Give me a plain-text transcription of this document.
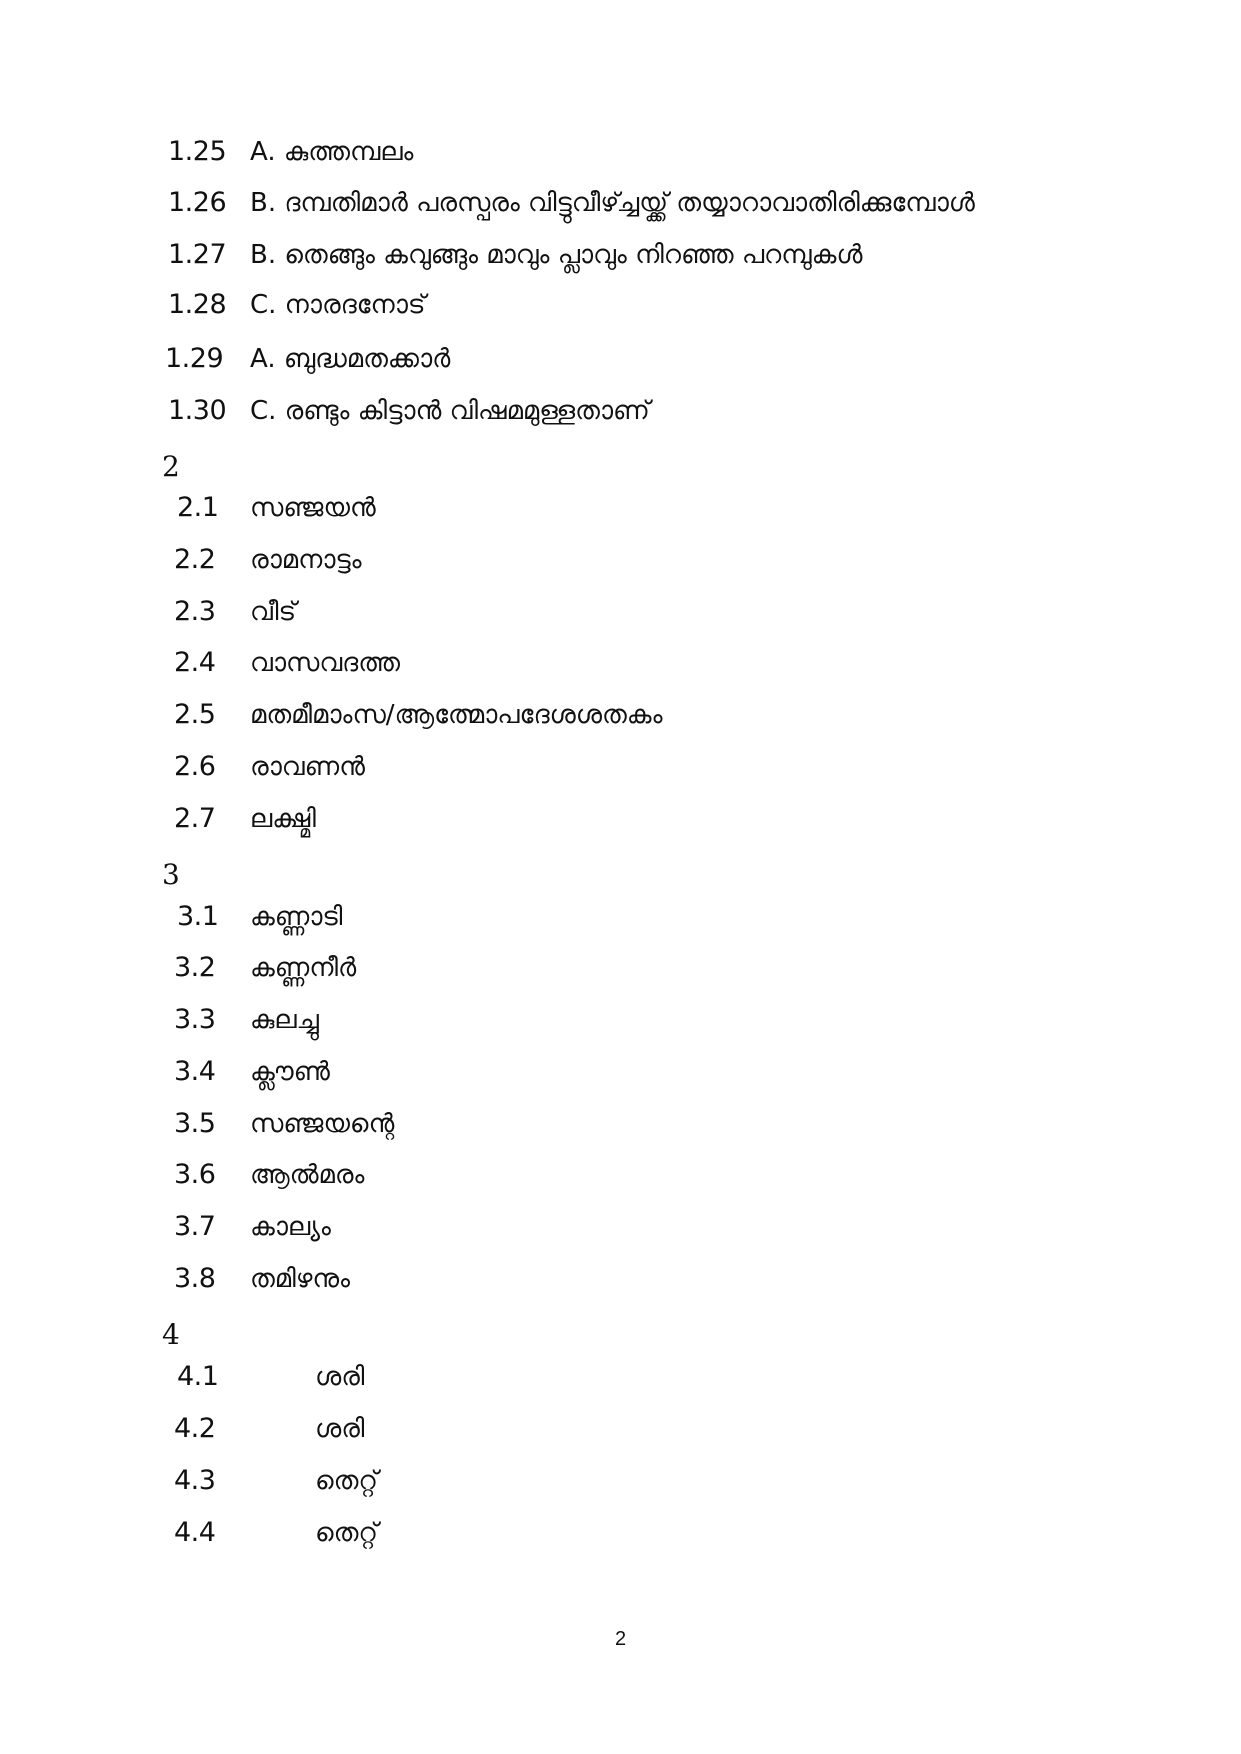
1.25 A. കുത്തമ്പലം
1.26 B. ദമ്പതിമാർ പരസ്പരം വിട്ടുവീഴ്ച്ചയ്ക്ക് തയ്യാറാവാതിരിക്കുമ്പോൾ
1.27 B. തെങ്ങും കവുങ്ങും മാവും പ്ലാവും നിറഞ്ഞ പറമ്പുകൾ
1.28 C. നാരദനോട്
1.29 A. ബുദ്ധമതക്കാർ
1.30 C. രണ്ടും കിട്ടാൻ വിഷമമുള്ളതാണ്
2
2.1 സഞ്ജയൻ
2.2 രാമനാട്ടം
2.3 വീട്
2.4 വാസവദത്ത
2.5 മതമീമാംസ/ആത്മോപദേശശതകം
2.6 രാവണൻ
2.7 ലക്ഷ്മി
3
3.1 കണ്ണാടി
3.2 കണ്ണനീർ
3.3 കുലച്ചു
3.4 ക്ലൗൺ
3.5 സഞ്ജയന്റെ
3.6 ആൽമരം
3.7 കാല്യം
3.8 തമിഴനും
4
4.1	ശരി
4.2	ശരി
4.3	തെറ്റ്
4.4	തെറ്റ്
2
